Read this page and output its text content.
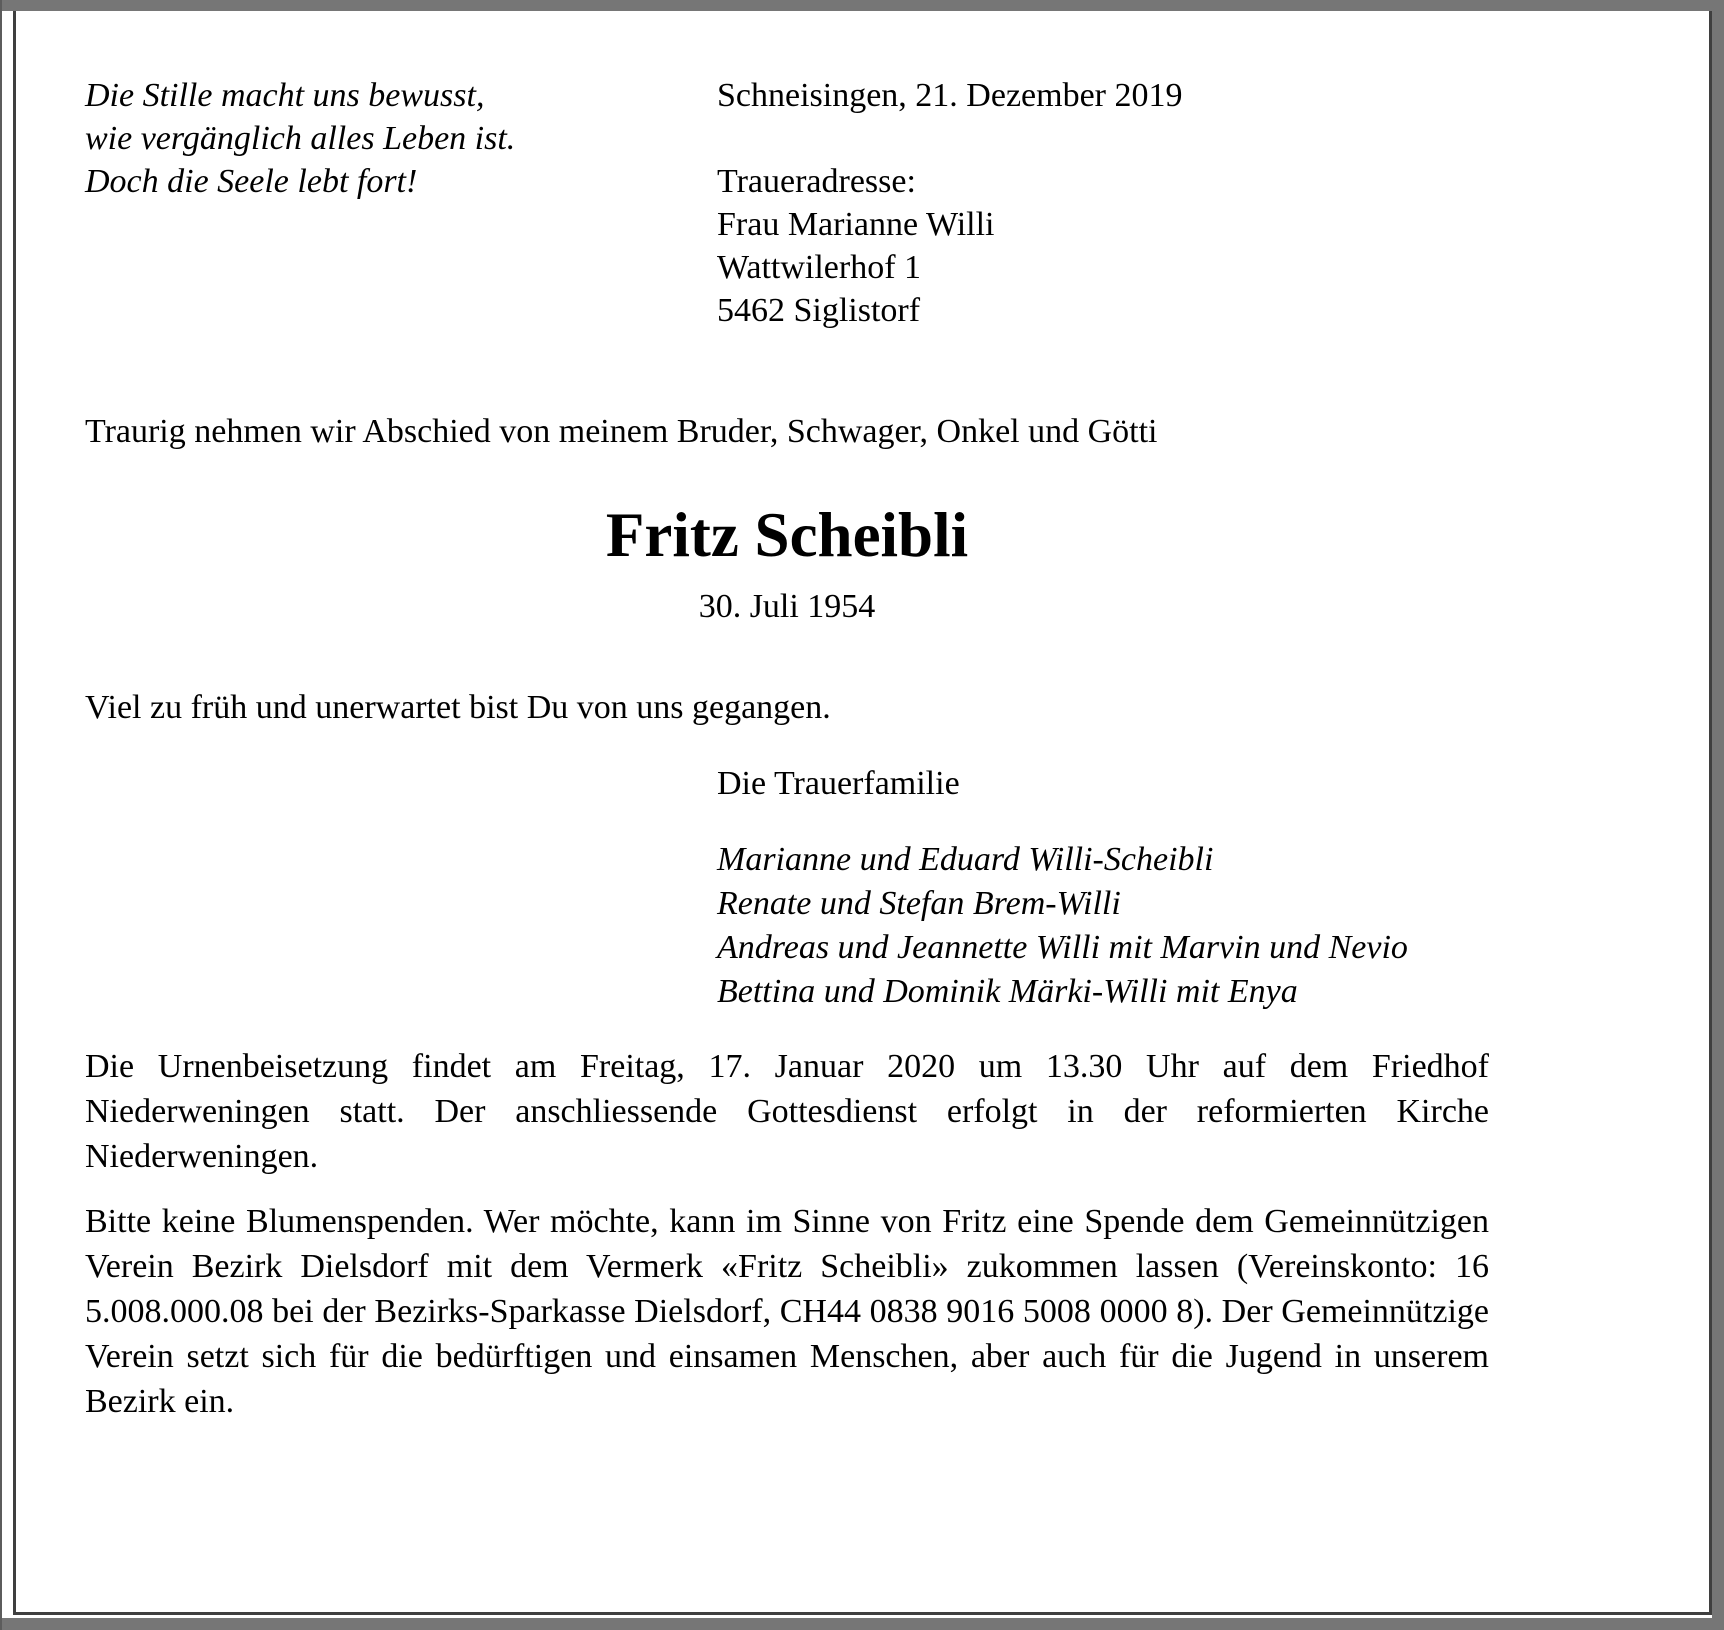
Die Stille macht uns bewusst,
wie vergänglich alles Leben ist.
Doch die Seele lebt fort!
Schneisingen, 21. Dezember 2019
Traueradresse:
Frau Marianne Willi
Wattwilerhof 1
5462 Siglistorf
Traurig nehmen wir Abschied von meinem Bruder, Schwager, Onkel und Götti
Fritz Scheibli
30. Juli 1954
Viel zu früh und unerwartet bist Du von uns gegangen.
Die Trauerfamilie
Marianne und Eduard Willi-Scheibli
Renate und Stefan Brem-Willi
Andreas und Jeannette Willi mit Marvin und Nevio
Bettina und Dominik Märki-Willi mit Enya
Die Urnenbeisetzung findet am Freitag, 17. Januar 2020 um 13.30 Uhr auf dem Friedhof Niederweningen statt. Der anschliessende Gottesdienst erfolgt in der reformierten Kirche Niederweningen.
Bitte keine Blumenspenden. Wer möchte, kann im Sinne von Fritz eine Spende dem Gemeinnützigen Verein Bezirk Dielsdorf mit dem Vermerk «Fritz Scheibli» zukommen lassen (Vereinskonto: 16 5.008.000.08 bei der Bezirks-Sparkasse Dielsdorf, CH44 0838 9016 5008 0000 8). Der Gemeinnützige Verein setzt sich für die bedürftigen und einsamen Menschen, aber auch für die Jugend in unserem Bezirk ein.
